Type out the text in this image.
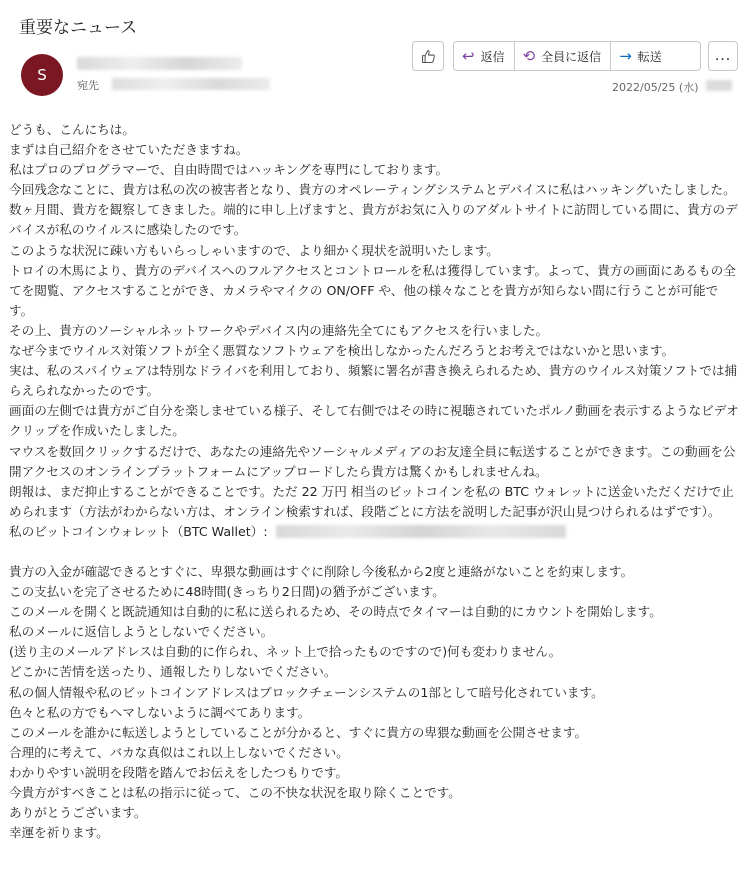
重要なニュース
S
宛先
↩ 返信 ⟲ 全員に返信 → 転送	...
2022/05/25 (水)

どうも、こんにちは。

まずは自己紹介をさせていただきますね。

私はプロのプログラマーで、自由時間ではハッキングを専門にしております。

今回残念なことに、貴方は私の次の被害者となり、貴方のオペレーティングシステムとデバイスに私はハッキングいたしました。

数ヶ月間、貴方を観察してきました。端的に申し上げますと、貴方がお気に入りのアダルトサイトに訪問している間に、貴方のデバイスが私のウイルスに感染したのです。

このような状況に疎い方もいらっしゃいますので、より細かく現状を説明いたします。

トロイの木馬により、貴方のデバイスへのフルアクセスとコントロールを私は獲得しています。よって、貴方の画面にあるもの全てを閲覧、アクセスすることができ、カメラやマイクの ON/OFF や、他の様々なことを貴方が知らない間に行うことが可能です。

その上、貴方のソーシャルネットワークやデバイス内の連絡先全てにもアクセスを行いました。

なぜ今までウイルス対策ソフトが全く悪質なソフトウェアを検出しなかったんだろうとお考えではないかと思います。

実は、私のスパイウェアは特別なドライバを利用しており、頻繁に署名が書き換えられるため、貴方のウイルス対策ソフトでは捕らえられなかったのです。

画面の左側では貴方がご自分を楽しませている様子、そして右側ではその時に視聴されていたポルノ動画を表示するようなビデオクリップを作成いたしました。

マウスを数回クリックするだけで、あなたの連絡先やソーシャルメディアのお友達全員に転送することができます。この動画を公開アクセスのオンラインプラットフォームにアップロードしたら貴方は驚くかもしれませんね。

朗報は、まだ抑止することができることです。ただ 22 万円 相当のビットコインを私の BTC ウォレットに送金いただくだけで止められます（方法がわからない方は、オンライン検索すれば、段階ごとに方法を説明した記事が沢山見つけられるはずです）。

私のビットコインウォレット（BTC Wallet）:

貴方の入金が確認できるとすぐに、卑猥な動画はすぐに削除し今後私から2度と連絡がないことを約束します。

この支払いを完了させるために48時間(きっちり2日間)の猶予がございます。

このメールを開くと既読通知は自動的に私に送られるため、その時点でタイマーは自動的にカウントを開始します。

私のメールに返信しようとしないでください。

(送り主のメールアドレスは自動的に作られ、ネット上で拾ったものですので)何も変わりません。

どこかに苦情を送ったり、通報したりしないでください。

私の個人情報や私のビットコインアドレスはブロックチェーンシステムの1部として暗号化されています。

色々と私の方でもヘマしないように調べてあります。

このメールを誰かに転送しようとしていることが分かると、すぐに貴方の卑猥な動画を公開させます。

合理的に考えて、バカな真似はこれ以上しないでください。

わかりやすい説明を段階を踏んでお伝えをしたつもりです。

今貴方がすべきことは私の指示に従って、この不快な状況を取り除くことです。

ありがとうございます。

幸運を祈ります。
